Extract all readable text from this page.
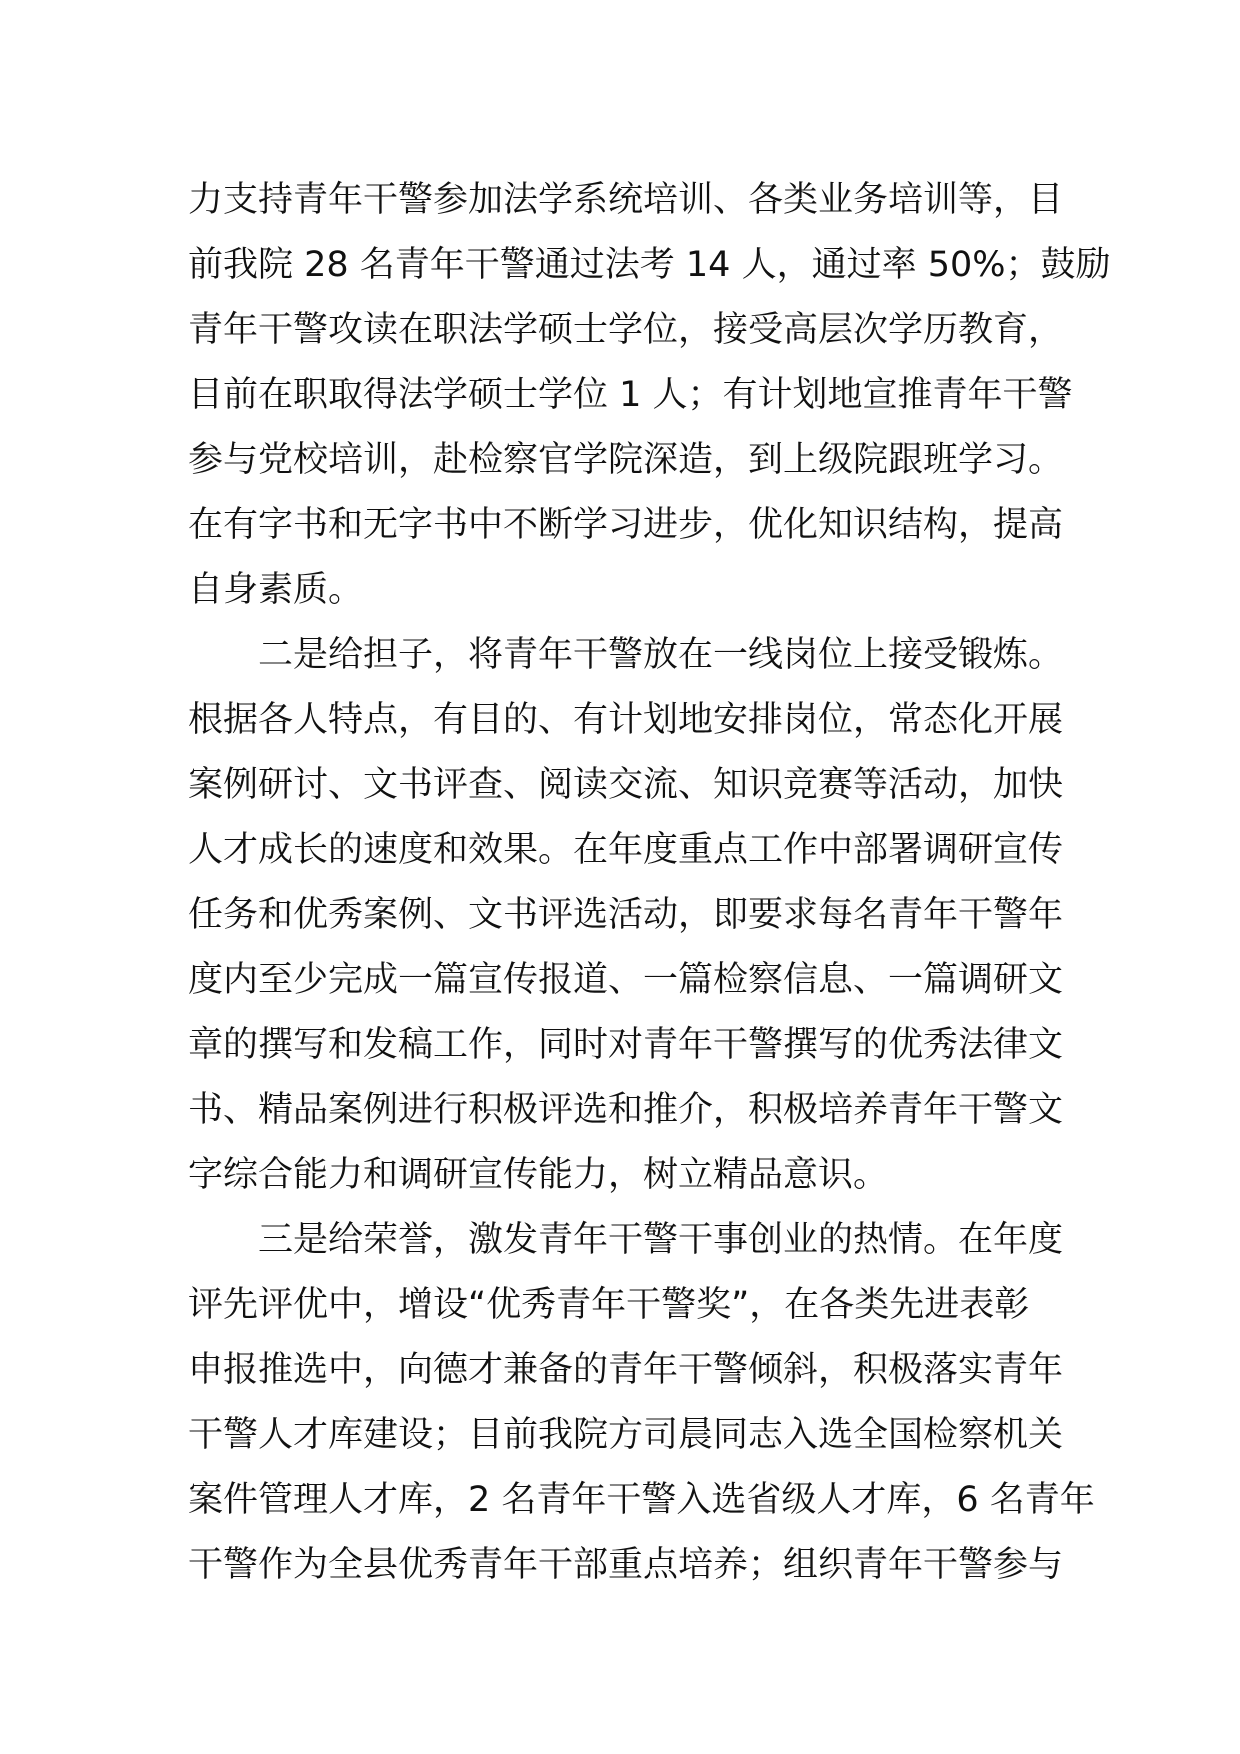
力支持青年干警参加法学系统培训、各类业务培训等，目
前我院 28 名青年干警通过法考 14 人，通过率 50%；鼓励
青年干警攻读在职法学硕士学位，接受高层次学历教育，
目前在职取得法学硕士学位 1 人；有计划地宣推青年干警
参与党校培训，赴检察官学院深造，到上级院跟班学习。
在有字书和无字书中不断学习进步，优化知识结构，提高
自身素质。
二是给担子，将青年干警放在一线岗位上接受锻炼。
根据各人特点，有目的、有计划地安排岗位，常态化开展
案例研讨、文书评查、阅读交流、知识竞赛等活动，加快
人才成长的速度和效果。在年度重点工作中部署调研宣传
任务和优秀案例、文书评选活动，即要求每名青年干警年
度内至少完成一篇宣传报道、一篇检察信息、一篇调研文
章的撰写和发稿工作，同时对青年干警撰写的优秀法律文
书、精品案例进行积极评选和推介，积极培养青年干警文
字综合能力和调研宣传能力，树立精品意识。
三是给荣誉，激发青年干警干事创业的热情。在年度
评先评优中，增设“优秀青年干警奖”，在各类先进表彰
申报推选中，向德才兼备的青年干警倾斜，积极落实青年
干警人才库建设；目前我院方司晨同志入选全国检察机关
案件管理人才库，2 名青年干警入选省级人才库，6 名青年
干警作为全县优秀青年干部重点培养；组织青年干警参与
